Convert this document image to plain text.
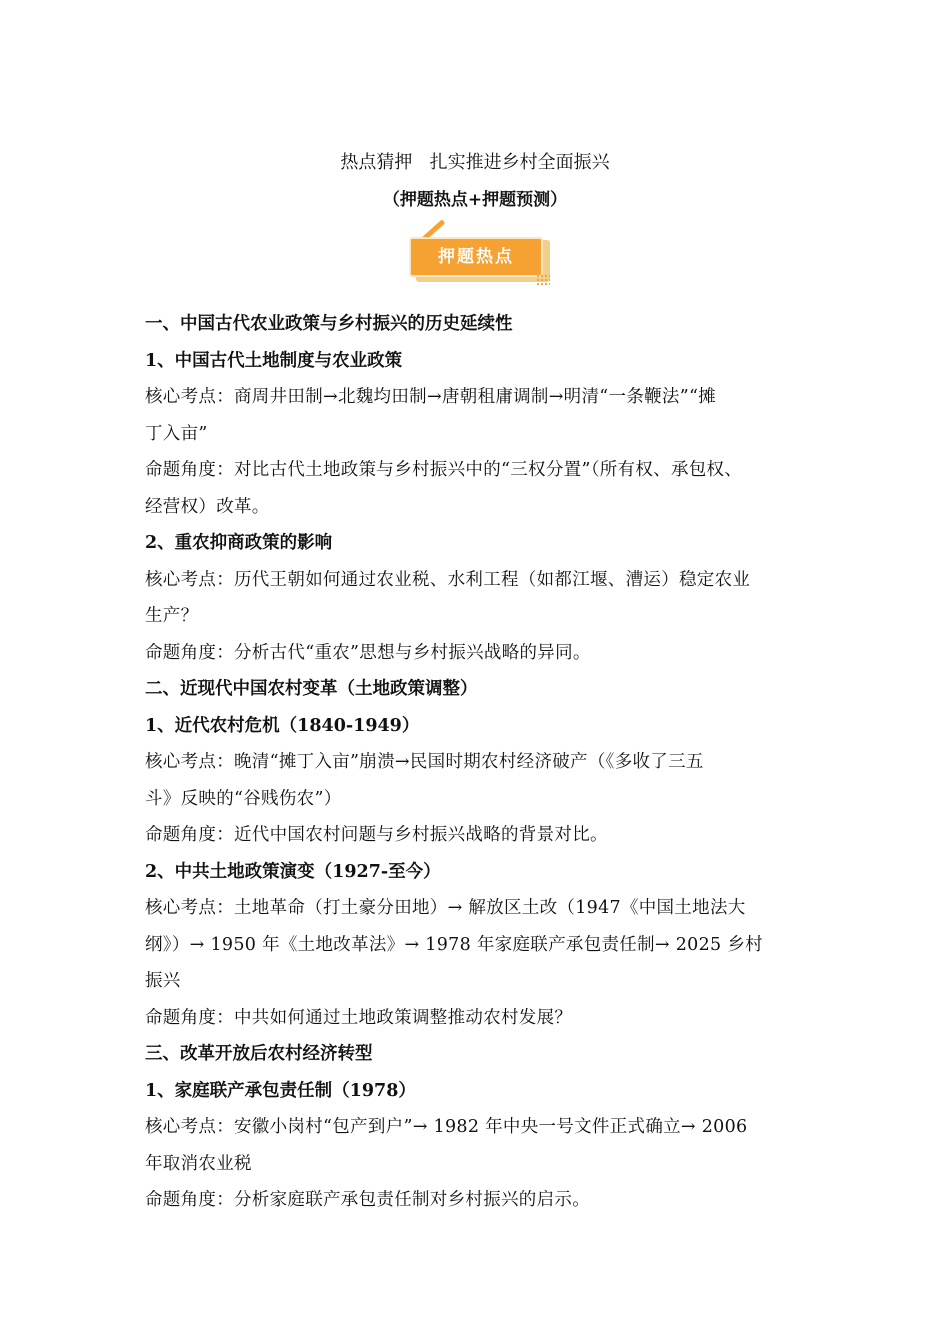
热点猜押   扎实推进乡村全面振兴
（押题热点+押题预测）
押题热点

一、中国古代农业政策与乡村振兴的历史延续性

1、中国古代土地制度与农业政策

核心考点：商周井田制→北魏均田制→唐朝租庸调制→明清“一条鞭法”“摊

丁入亩”

命题角度：对比古代土地政策与乡村振兴中的“三权分置”（所有权、承包权、

经营权）改革。

2、重农抑商政策的影响

核心考点：历代王朝如何通过农业税、水利工程（如都江堰、漕运）稳定农业

生产？

命题角度：分析古代“重农”思想与乡村振兴战略的异同。

二、近现代中国农村变革（土地政策调整）

1、近代农村危机（1840-1949）

核心考点：晚清“摊丁入亩”崩溃→民国时期农村经济破产（《多收了三五

斗》反映的“谷贱伤农”）

命题角度：近代中国农村问题与乡村振兴战略的背景对比。

2、中共土地政策演变（1927-至今）

核心考点：土地革命（打土豪分田地）→ 解放区土改（1947《中国土地法大

纲》）→ 1950 年《土地改革法》→ 1978 年家庭联产承包责任制→ 2025 乡村

振兴

命题角度：中共如何通过土地政策调整推动农村发展？

三、改革开放后农村经济转型

1、家庭联产承包责任制（1978）

核心考点：安徽小岗村“包产到户”→ 1982 年中央一号文件正式确立→ 2006

年取消农业税

命题角度：分析家庭联产承包责任制对乡村振兴的启示。
